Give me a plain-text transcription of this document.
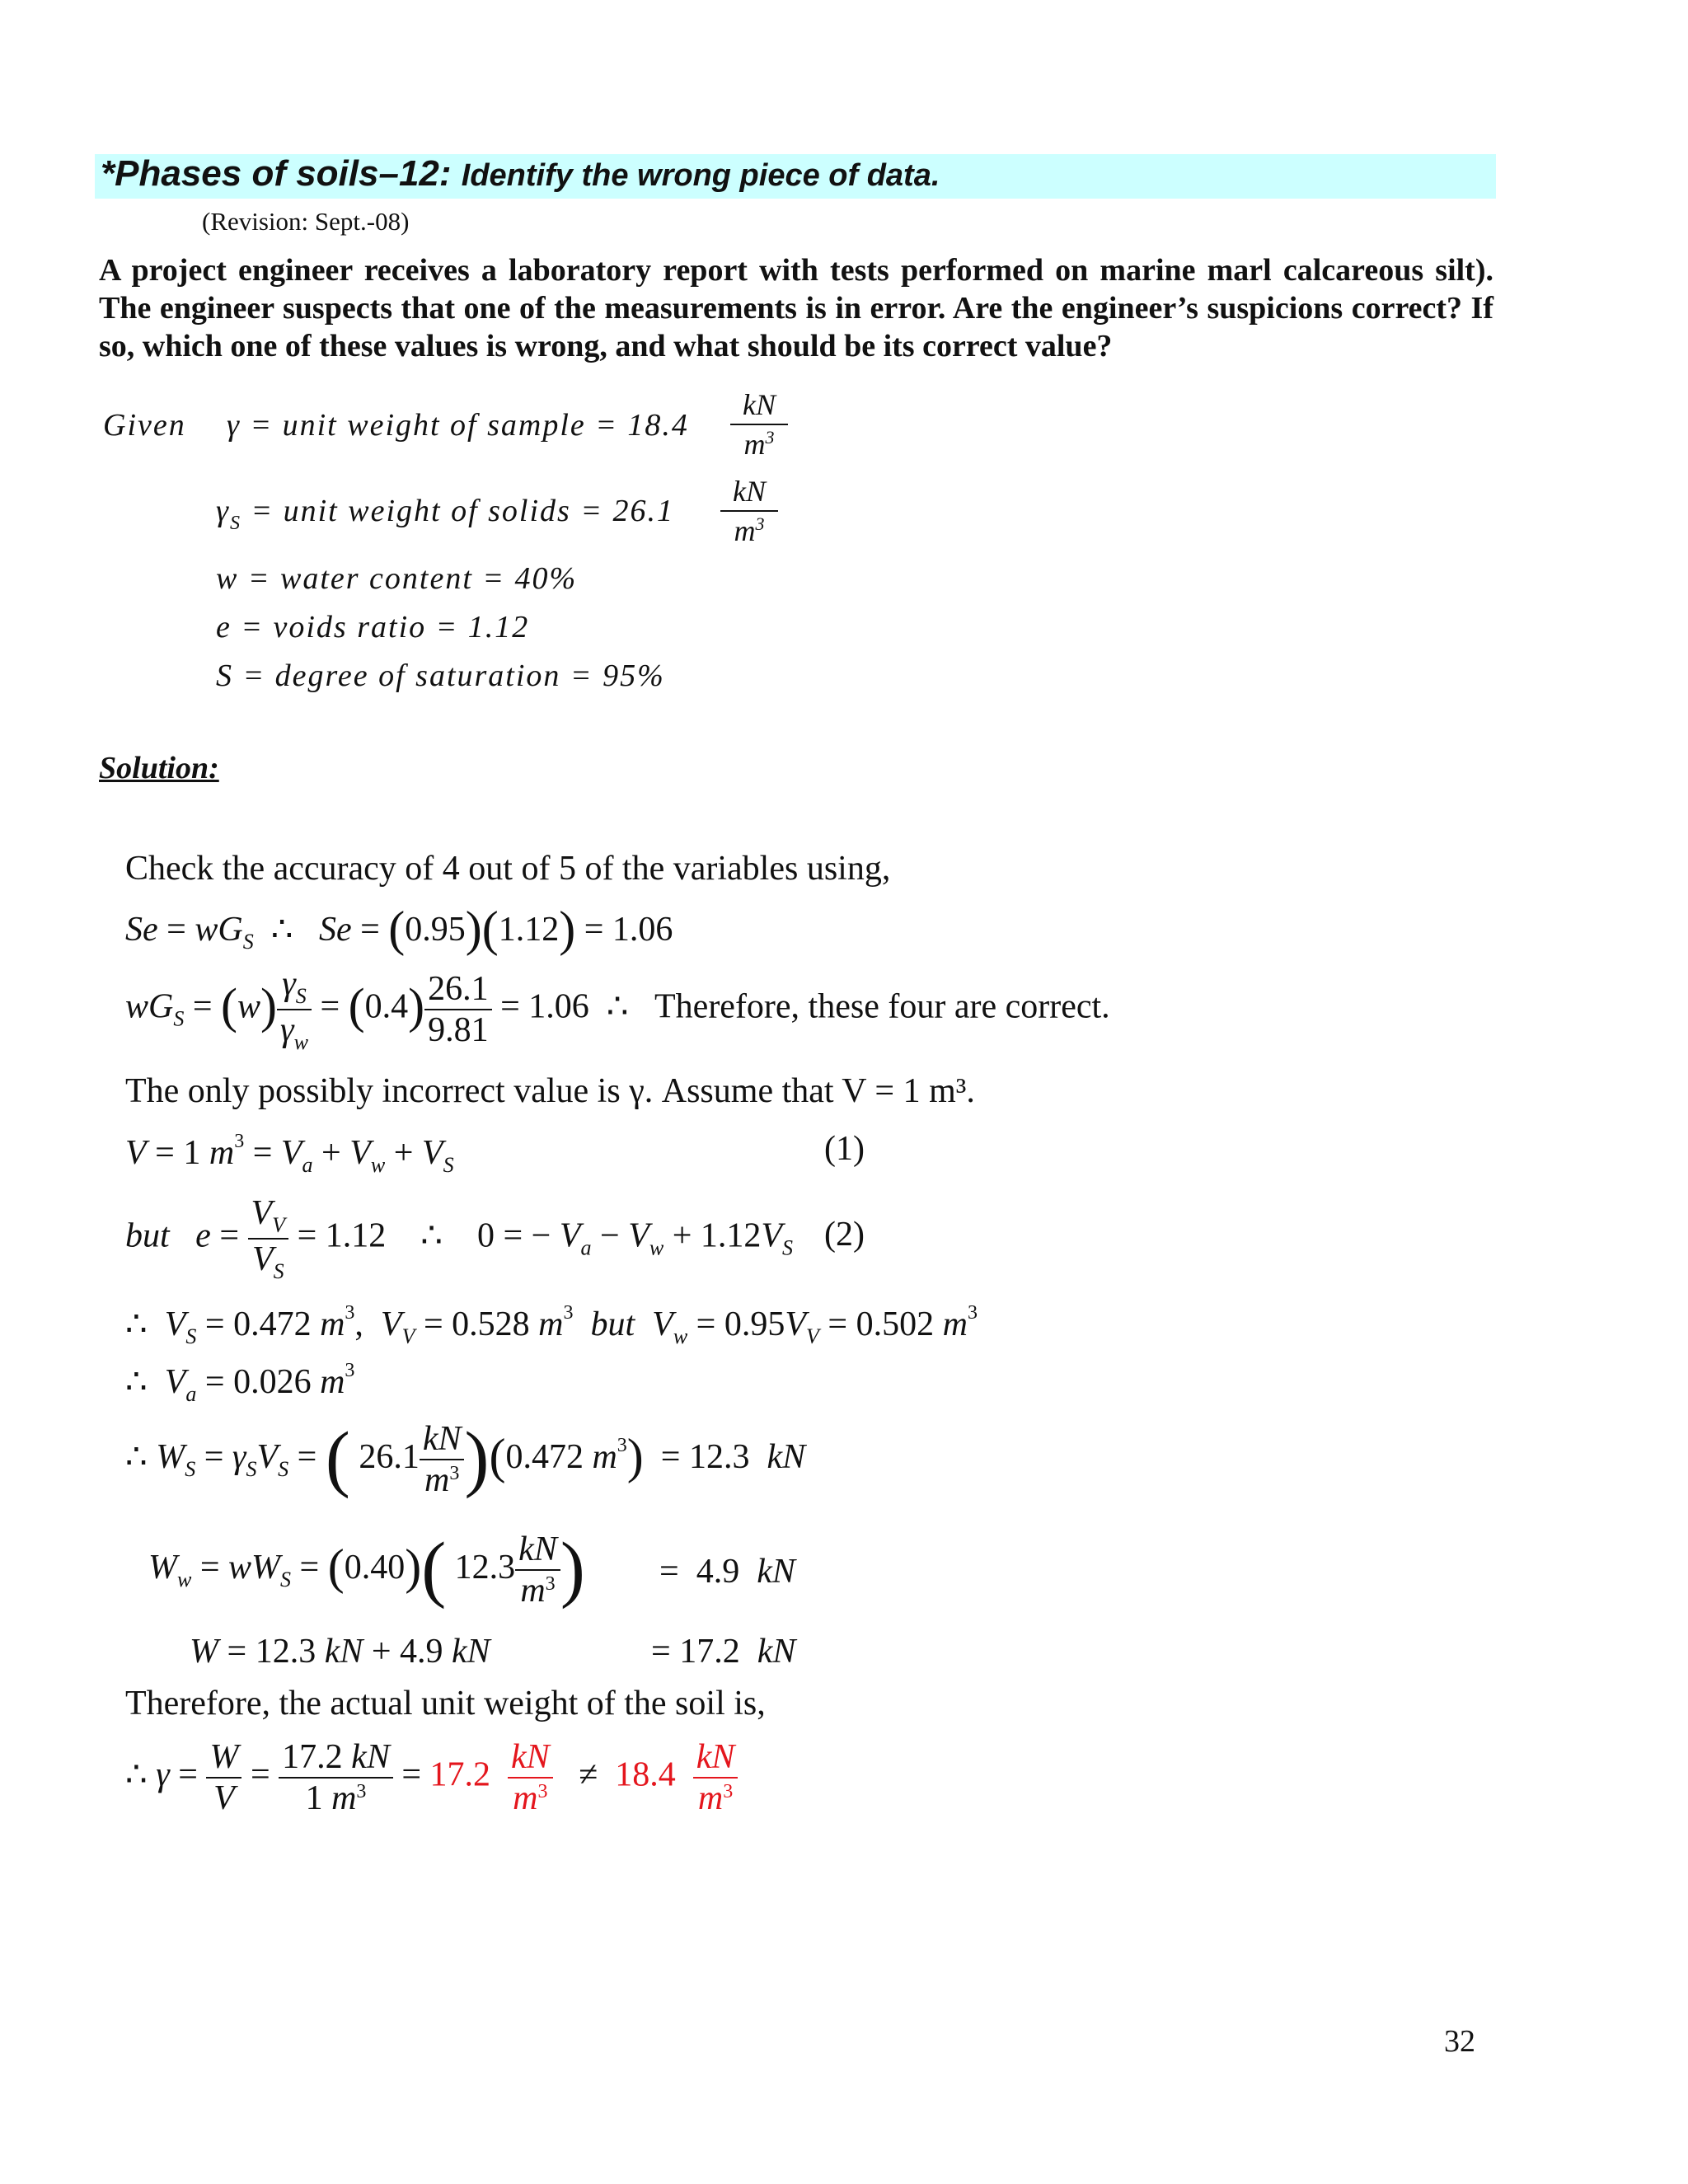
*Phases of soils–12: Identify the wrong piece of data.
(Revision: Sept.-08)
A project engineer receives a laboratory report with tests performed on marine marl calcareous silt). The engineer suspects that one of the measurements is in error. Are the engineer’s suspicions correct? If so, which one of these values is wrong, and what should be its correct value?
Given γ = unit weight of sample = 18.4
kN
$m^3$
$\gamma_S$ = unit weight of solids = 26.1
kN
$m^3$
w = water content = 40%
e = voids ratio = 1.12
S = degree of saturation = 95%
Solution:
Check the accuracy of 4 out of 5 of the variables using,
$Se = wG_S$  ∴   Se = (0.95)(1.12) = 1.06
$wG_S = (w) \frac{\gamma_S}{\gamma_w} = (0.4) \frac{26.1}{9.81} = 1.06$  ∴   Therefore, these four are correct.
The only possibly incorrect value is γ. Assume that V = 1 m³.
V = 1 $m^3 = V_a + V_w + V_S$	(1)
but $e = \frac{V_V}{V_S} = 1.12$    ∴    0 = − $V_a - V_w + 1.12V_S$ (2)
∴  $V_S = 0.472$ $m^3$,  $V_V = 0.528$ $m^3$ but $V_w = 0.95V_V = 0.502$ $m^3$
∴  $V_a = 0.026$ $m^3$
∴ $W_S = \gamma_SV_S$ = ( $26.1 \frac{kN}{m^3} )(0.472$ $m^3) = 12.3$ kN
$W_w = wW_S = (0.40)$( $12.3 \frac{kN}{m^3}$ ) =  4.9 kN
W = 12.3 kN + 4.9 kN	= 17.2 kN
Therefore, the actual unit weight of the soil is,
∴ $\gamma = \frac{W}{V} = \frac{17.2 kN}{1 m^3} = 17.2 \frac{kN}{m^3} \ne 18.4 \frac{kN}{m^3}$
32
